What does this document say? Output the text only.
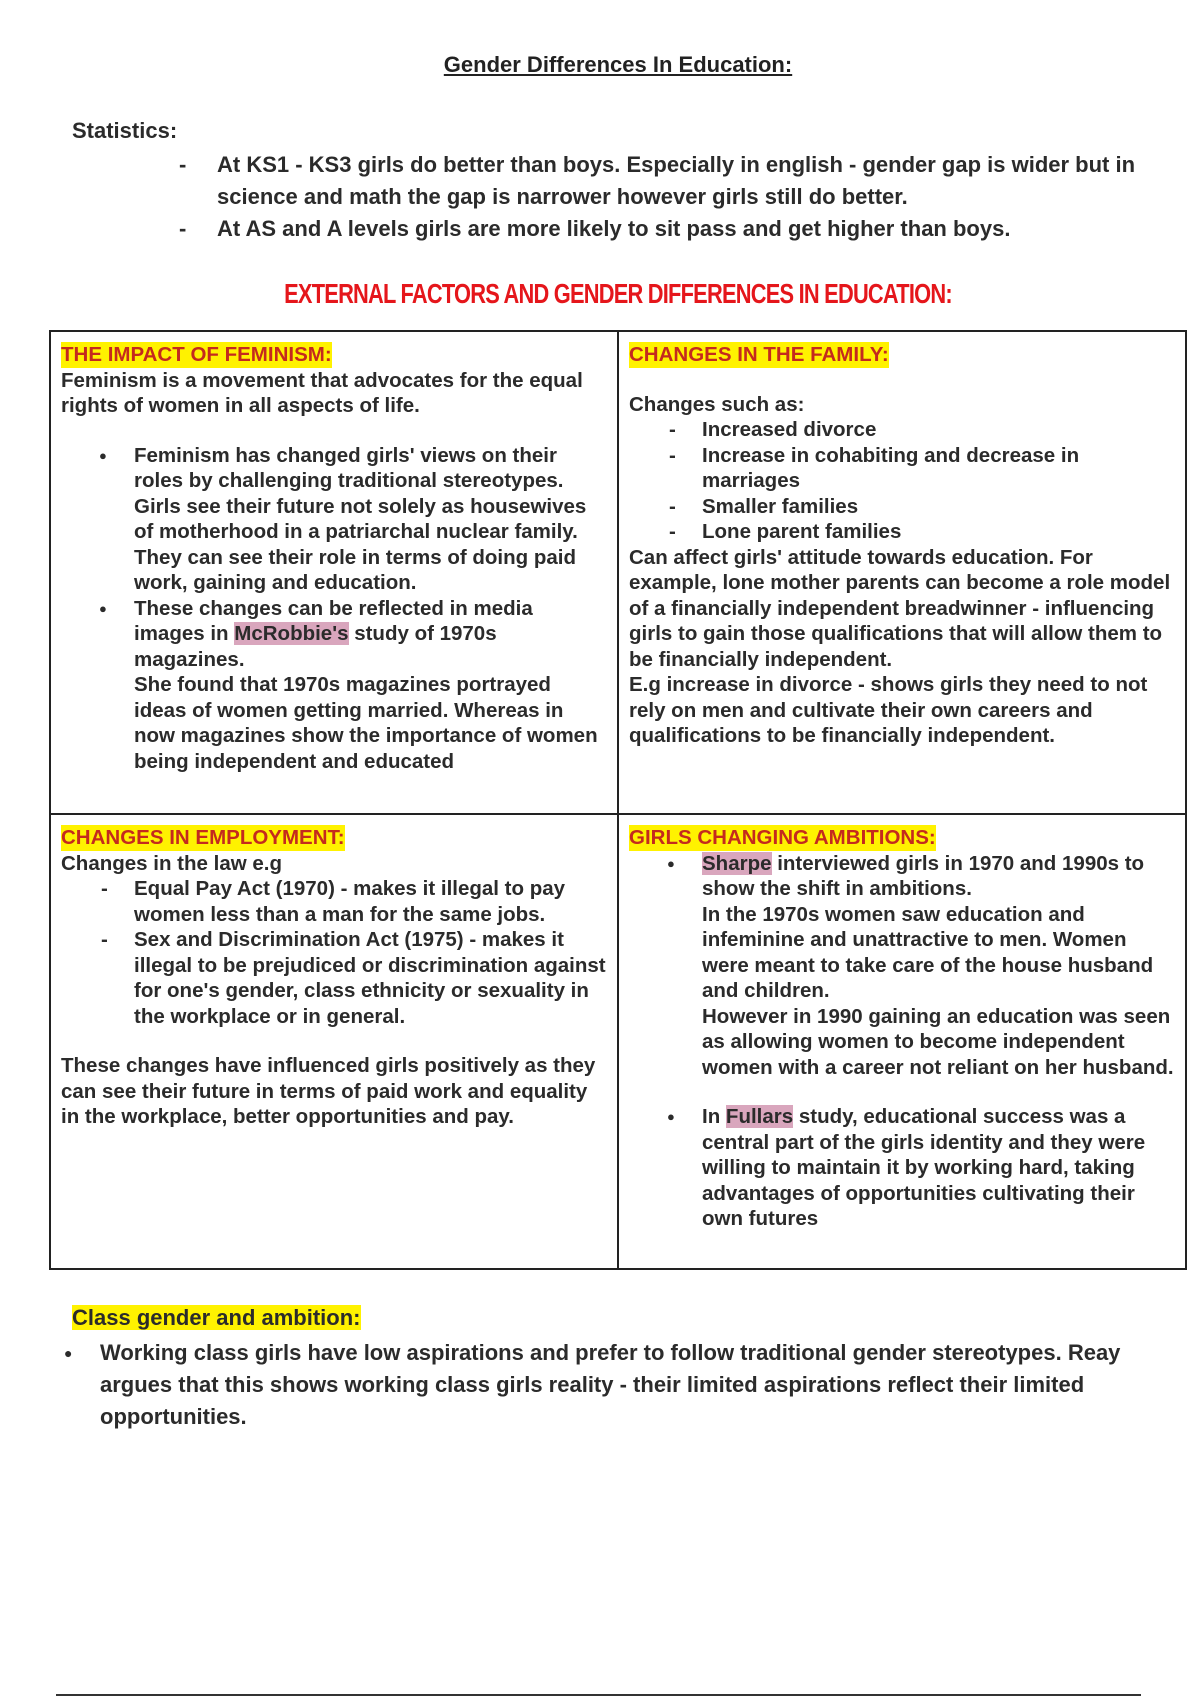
Gender Differences In Education:
Statistics:
- At KS1 - KS3 girls do better than boys. Especially in english - gender gap is wider but in science and math the gap is narrower however girls still do better.
- At AS and A levels girls are more likely to sit pass and get higher than boys.
EXTERNAL FACTORS AND GENDER DIFFERENCES IN EDUCATION:
THE IMPACT OF FEMINISM:

Feminism is a movement that advocates for the equal rights of women in all aspects of life.

● Feminism has changed girls' views on their roles by challenging traditional stereotypes. Girls see their future not solely as housewives of motherhood in a patriarchal nuclear family. They can see their role in terms of doing paid work, gaining and education.
● These changes can be reflected in media images in McRobbie's study of 1970s magazines.
She found that 1970s magazines portrayed ideas of women getting married. Whereas in now magazines show the importance of women being independent and educated
CHANGES IN THE FAMILY:

Changes such as:

- Increased divorce
- Increase in cohabiting and decrease in marriages
- Smaller families
- Lone parent families

Can affect girls' attitude towards education. For example, lone mother parents can become a role model of a financially independent breadwinner - influencing girls to gain those qualifications that will allow them to be financially independent.

E.g increase in divorce - shows girls they need to not rely on men and cultivate their own careers and qualifications to be financially independent.

CHANGES IN EMPLOYMENT:

Changes in the law e.g

- Equal Pay Act (1970) - makes it illegal to pay women less than a man for the same jobs.
- Sex and Discrimination Act (1975) - makes it illegal to be prejudiced or discrimination against for one's gender, class ethnicity or sexuality in the workplace or in general.

These changes have influenced girls positively as they can see their future in terms of paid work and equality in the workplace, better opportunities and pay.

GIRLS CHANGING AMBITIONS:
● Sharpe interviewed girls in 1970 and 1990s to show the shift in ambitions.
In the 1970s women saw education and infeminine and unattractive to men. Women were meant to take care of the house husband and children.
However in 1990 gaining an education was seen as allowing women to become independent women with a career not reliant on her husband.
● In Fullars study, educational success was a central part of the girls identity and they were willing to maintain it by working hard, taking advantages of opportunities cultivating their own futures
Class gender and ambition:
● Working class girls have low aspirations and prefer to follow traditional gender stereotypes. Reay argues that this shows working class girls reality - their limited aspirations reflect their limited opportunities.
